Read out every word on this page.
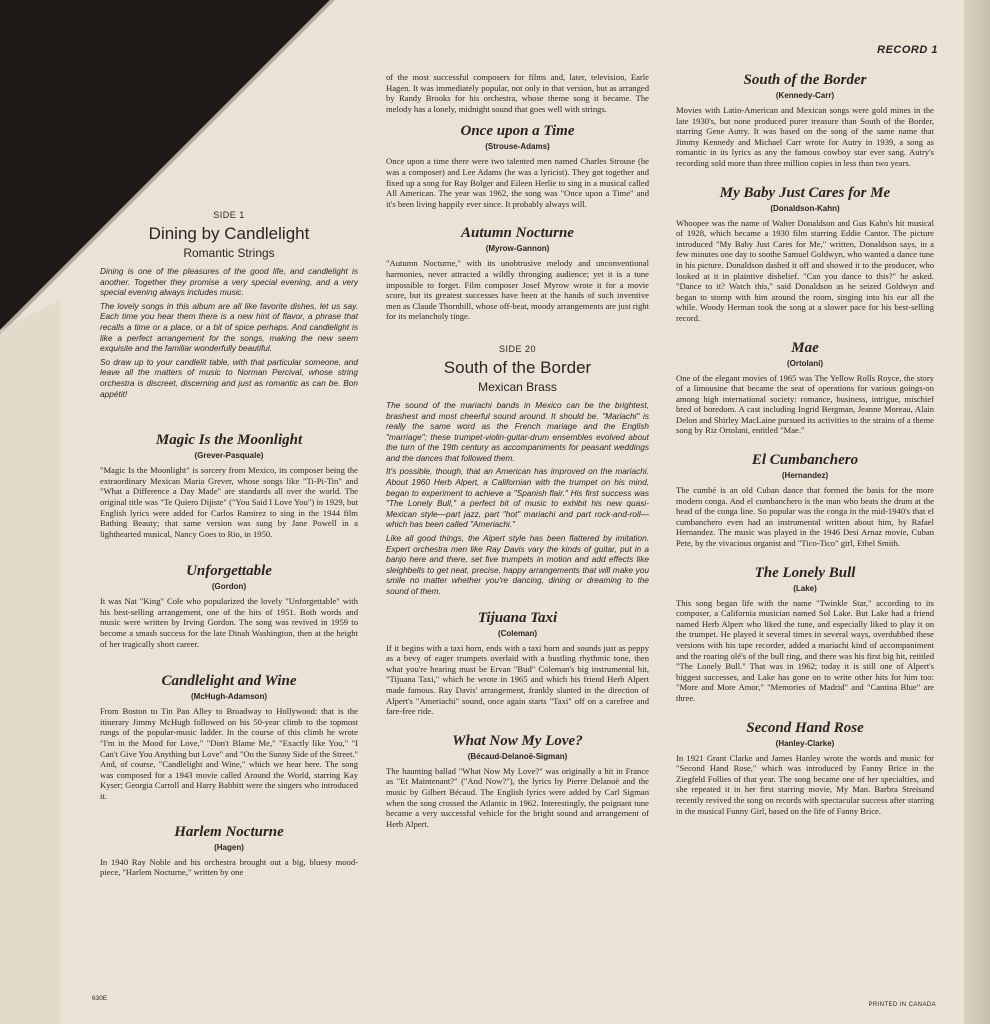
RECORD 1
SIDE 1
Dining by Candlelight
Romantic Strings

Dining is one of the pleasures of the good life, and candlelight is another. Together they promise a very special evening, and a very special evening always includes music.

The lovely songs in this album are all like favorite dishes, let us say. Each time you hear them there is a new hint of flavor, a phrase that recalls a time or a place, or a bit of spice perhaps. And candlelight is like a perfect arrangement for the songs, making the new seem exquisite and the familiar wonderfully beautiful.

So draw up to your candlelit table, with that particular someone, and leave all the matters of music to Norman Percival, whose string orchestra is discreet, discerning and just as romantic as can be. Bon appétit!

Magic Is the Moonlight
(Grever-Pasquale)

"Magic Is the Moonlight" is sorcery from Mexico, its composer being the extraordinary Mexican Maria Grever, whose songs like "Ti-Pi-Tin" and "What a Difference a Day Made" are standards all over the world. The original title was "Te Quiero Dijiste" ("You Said I Love You") in 1929, but English lyrics were added for Carlos Ramirez to sing in the 1944 film Bathing Beauty; that same version was sung by Jane Powell in a lighthearted musical, Nancy Goes to Rio, in 1950.

Unforgettable
(Gordon)

It was Nat "King" Cole who popularized the lovely "Unforgettable" with his best-selling arrangement, one of the hits of 1951. Both words and music were written by Irving Gordon. The song was revived in 1959 to become a smash success for the late Dinah Washington, then at the height of her tragically short career.

Candlelight and Wine
(McHugh-Adamson)

From Boston to Tin Pan Alley to Broadway to Hollywood: that is the itinerary Jimmy McHugh followed on his 50-year climb to the topmost rungs of the popular-music ladder. In the course of this climb he wrote "I'm in the Mood for Love," "Don't Blame Me," "Exactly like You," "I Can't Give You Anything but Love" and "On the Sunny Side of the Street." And, of course, "Candlelight and Wine," which we hear here. The song was composed for a 1943 movie called Around the World, starring Kay Kyser; Georgia Carroll and Harry Babbitt were the singers who introduced it.

Harlem Nocturne
(Hagen)

In 1940 Ray Noble and his orchestra brought out a big, bluesy mood-piece, "Harlem Nocturne," written by one

of the most successful composers for films and, later, television, Earle Hagen. It was immediately popular, not only in that version, but as arranged by Randy Brooks for his orchestra, whose theme song it became. The melody has a lonely, midnight sound that goes well with strings.

Once upon a Time
(Strouse-Adams)

Once upon a time there were two talented men named Charles Strouse (he was a composer) and Lee Adams (he was a lyricist). They got together and fixed up a song for Ray Bolger and Eileen Herlie to sing in a musical called All American. The year was 1962, the song was "Once upon a Time" and it's been living happily ever since. It probably always will.

Autumn Nocturne
(Myrow-Gannon)

"Autumn Nocturne," with its unobtrusive melody and unconventional harmonies, never attracted a wildly thronging audience; yet it is a tune impossible to forget. Film composer Josef Myrow wrote it for a movie score, but its greatest successes have been at the hands of such inventive men as Claude Thornhill, whose off-beat, moody arrangements are just right for its melancholy tinge.

SIDE 20
South of the Border
Mexican Brass

The sound of the mariachi bands in Mexico can be the brightest, brashest and most cheerful sound around. It should be. "Mariachi" is really the same word as the French mariage and the English "marriage"; these trumpet-violin-guitar-drum ensembles evolved about the turn of the 19th century as accompaniments for peasant weddings and the dances that followed them.

It's possible, though, that an American has improved on the mariachi. About 1960 Herb Alpert, a Californian with the trumpet on his mind, began to experiment to achieve a "Spanish flair." His first success was "The Lonely Bull," a perfect bit of music to exhibit his new quasi-Mexican style—part jazz, part "hot" mariachi and part rock-and-roll—which has been called "Ameriachi."

Like all good things, the Alpert style has been flattered by imitation. Expert orchestra men like Ray Davis vary the kinds of guitar, put in a banjo here and there, set five trumpets in motion and add effects like sleighbells to get neat, precise, happy arrangements that will make you smile no matter whether you're dancing, dining or dreaming to the sound of them.

Tijuana Taxi
(Coleman)

If it begins with a taxi horn, ends with a taxi horn and sounds just as peppy as a bevy of eager trumpets overlaid with a bustling rhythmic tone, then what you're hearing must be Ervan "Bud" Coleman's big instrumental hit, "Tijuana Taxi," which he wrote in 1965 and which his friend Herb Alpert made famous. Ray Davis' arrangement, frankly slanted in the direction of Alpert's "Ameriachi" sound, once again starts "Taxi" off on a carefree and fare-free ride.

What Now My Love?
(Bécaud-Delanoë-Sigman)

The haunting ballad "What Now My Love?" was originally a hit in France as "Et Maintenant?" ("And Now?"), the lyrics by Pierre Delanoë and the music by Gilbert Bécaud. The English lyrics were added by Carl Sigman when the song crossed the Atlantic in 1962. Interestingly, the poignant tune became a very successful vehicle for the bright sound and arrangement of Herb Alpert.

South of the Border
(Kennedy-Carr)

Movies with Latin-American and Mexican songs were gold mines in the late 1930's, but none produced purer treasure than South of the Border, starring Gene Autry. It was based on the song of the same name that Jimmy Kennedy and Michael Carr wrote for Autry in 1939, a song as romantic in its lyrics as any the famous cowboy star ever sang. Autry's recording sold more than three million copies in less than two years.

My Baby Just Cares for Me
(Donaldson-Kahn)

Whoopee was the name of Walter Donaldson and Gus Kahn's hit musical of 1928, which became a 1930 film starring Eddie Cantor. The picture introduced "My Baby Just Cares for Me," written, Donaldson says, in a few minutes one day to soothe Samuel Goldwyn, who wanted a dance tune in his picture. Donaldson dashed it off and showed it to the producer, who looked at it in plaintive disbelief. "Can you dance to this?" he asked. "Dance to it? Watch this," said Donaldson as he seized Goldwyn and began to stomp with him around the room, singing into his ear all the while. Woody Herman took the song at a slower pace for his best-selling record.

Mae
(Ortolani)

One of the elegant movies of 1965 was The Yellow Rolls Royce, the story of a limousine that became the seat of operations for various goings-on among high international society: romance, business, intrigue, mischief bred of boredom. A cast including Ingrid Bergman, Jeanne Moreau, Alain Delon and Shirley MacLaine pursued its activities to the strains of a theme song by Riz Ortolani, entitled "Mae."

El Cumbanchero
(Hernandez)

The cumbé is an old Cuban dance that formed the basis for the more modern conga. And el cumbanchero is the man who beats the drum at the head of the conga line. So popular was the conga in the mid-1940's that el cumbanchero even had an instrumental written about him, by Rafael Hernandez. The music was played in the 1946 Desi Arnaz movie, Cuban Pete, by the vivacious organist and "Tico-Tico" girl, Ethel Smith.

The Lonely Bull
(Lake)

This song began life with the name "Twinkle Star," according to its composer, a California musician named Sol Lake. But Lake had a friend named Herb Alpert who liked the tune, and especially liked to play it on the trumpet. He played it several times in several ways, overdubbed these versions with his tape recorder, added a mariachi kind of accompaniment and the roaring olé's of the bull ring, and there was his first big hit, retitled "The Lonely Bull." That was in 1962; today it is still one of Alpert's biggest successes, and Lake has gone on to write other hits for him too: "More and More Amor," "Memories of Madrid" and "Cantina Blue" are three.

Second Hand Rose
(Hanley-Clarke)

In 1921 Grant Clarke and James Hanley wrote the words and music for "Second Hand Rose," which was introduced by Fanny Brice in the Ziegfeld Follies of that year. The song became one of her specialties, and she repeated it in her first starring movie, My Man. Barbra Streisand recently revived the song on records with spectacular success after starring in the musical Funny Girl, based on the life of Fanny Brice.

630E
PRINTED IN CANADA
